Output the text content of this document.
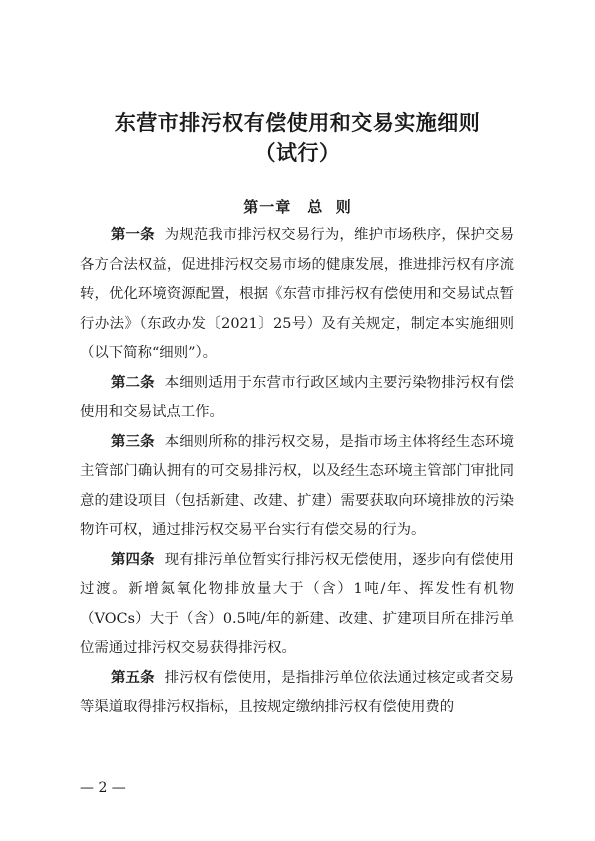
东营市排污权有偿使用和交易实施细则
（试行）
第一章 总  则

第一条 为规范我市排污权交易行为，维护市场秩序，保护交易各方合法权益，促进排污权交易市场的健康发展，推进排污权有序流转，优化环境资源配置，根据《东营市排污权有偿使用和交易试点暂行办法》（东政办发〔2021〕25号）及有关规定，制定本实施细则（以下简称“细则”）。

第二条 本细则适用于东营市行政区域内主要污染物排污权有偿使用和交易试点工作。

第三条 本细则所称的排污权交易，是指市场主体将经生态环境主管部门确认拥有的可交易排污权，以及经生态环境主管部门审批同意的建设项目（包括新建、改建、扩建）需要获取向环境排放的污染物许可权，通过排污权交易平台实行有偿交易的行为。

第四条 现有排污单位暂实行排污权无偿使用，逐步向有偿使用过渡。新增氮氧化物排放量大于（含）1吨/年、挥发性有机物（VOCs）大于（含）0.5吨/年的新建、改建、扩建项目所在排污单位需通过排污权交易获得排污权。

第五条 排污权有偿使用，是指排污单位依法通过核定或者交易等渠道取得排污权指标，且按规定缴纳排污权有偿使用费的

— 2 —
